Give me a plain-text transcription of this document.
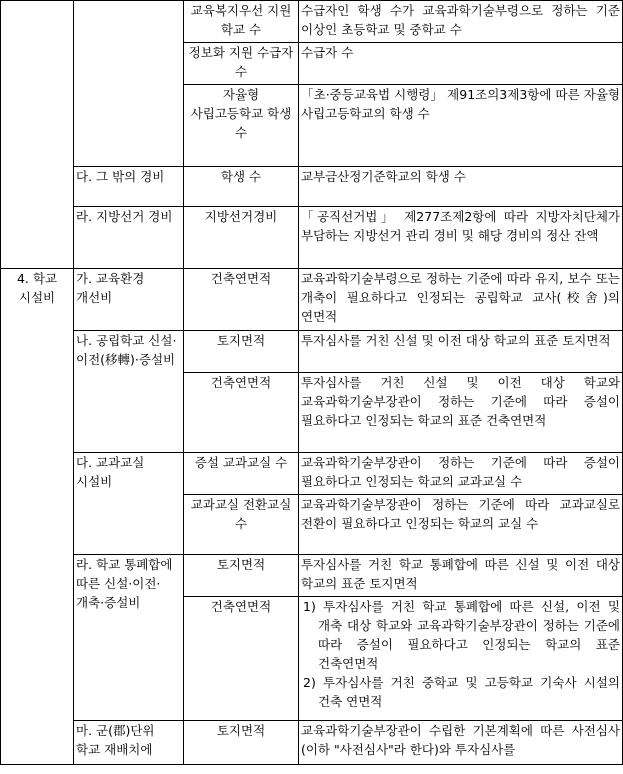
		교육복지우선 지원 학교 수	수급자인 학생 수가 교육과학기술부령으로 정하는 기준 이상인 초등학교 및 중학교 수
		정보화 지원 수급자 수	수급자 수
		자율형 사립고등학교 학생 수	「초·중등교육법 시행령」 제91조의3제3항에 따른 자율형 사립고등학교의 학생 수
	다. 그 밖의 경비	학생 수	교부금산정기준학교의 학생 수
	라. 지방선거 경비	지방선거경비	「공직선거법」 제277조제2항에 따라 지방자치단체가 부담하는 지방선거 관리 경비 및 해당 경비의 정산 잔액
4. 학교 시설비	가. 교육환경 개선비	건축연면적	교육과학기술부령으로 정하는 기준에 따라 유지, 보수 또는 개축이 필요하다고 인정되는 공립학교 교사(校舍)의 연면적
	나. 공립학교 신설·이전(移轉)·증설비	토지면적	투자심사를 거친 신설 및 이전 대상 학교의 표준 토지면적
		건축연면적	투자심사를 거친 신설 및 이전 대상 학교와 교육과학기술부장관이 정하는 기준에 따라 증설이 필요하다고 인정되는 학교의 표준 건축연면적
	다. 교과교실 시설비	증설 교과교실 수	교육과학기술부장관이 정하는 기준에 따라 증설이 필요하다고 인정되는 학교의 교과교실 수
		교과교실 전환교실 수	교육과학기술부장관이 정하는 기준에 따라 교과교실로 전환이 필요하다고 인정되는 학교의 교실 수
	라. 학교 통폐합에 따른 신설·이전·개축·증설비	토지면적	투자심사를 거친 학교 통폐합에 따른 신설 및 이전 대상 학교의 표준 토지면적
		건축연면적	1) 투자심사를 거친 학교 통폐합에 따른 신설, 이전 및 개축 대상 학교와 교육과학기술부장관이 정하는 기준에 따라 증설이 필요하다고 인정되는 학교의 표준 건축연면적
2) 투자심사를 거친 중학교 및 고등학교 기숙사 시설의 건축 연면적

	마. 군(郡)단위 학교 재배치에	토지면적	교육과학기술부장관이 수립한 기본계획에 따른 사전심사(이하 "사전심사"라 한다)와 투자심사를
